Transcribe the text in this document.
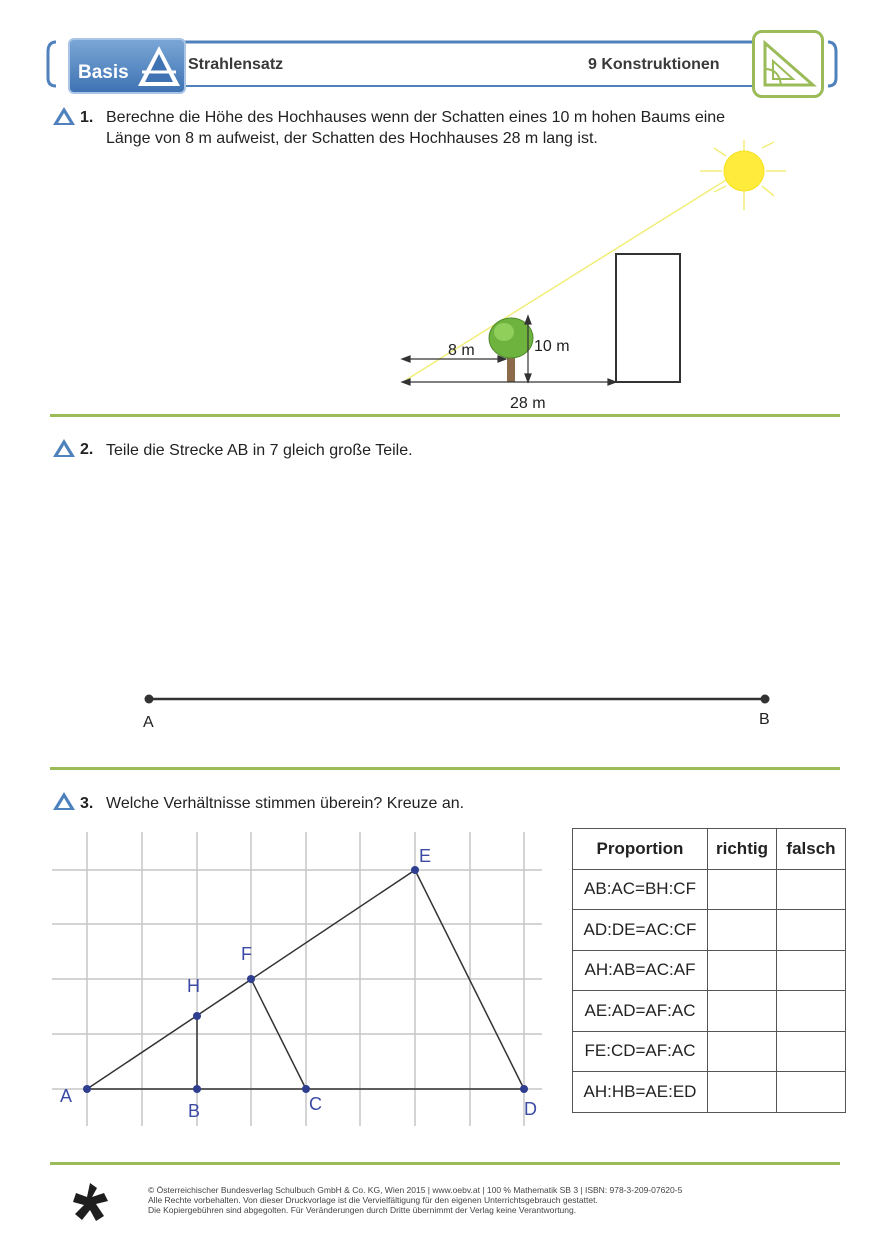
Basis	Strahlensatz	9 Konstruktionen
1. Berechne die Höhe des Hochhauses wenn der Schatten eines 10 m hohen Baums eine
Länge von 8 m aufweist, der Schatten des Hochhauses 28 m lang ist.
8 m	10 m
28 m
2. Teile die Strecke AB in 7 gleich große Teile.
A	B
3. Welche Verhältnisse stimmen überein? Kreuze an.
A
B	C	D
E
F
H
Proportion	richtig	falsch
AB:AC=BH:CF		
AD:DE=AC:CF		
AH:AB=AC:AF		
AE:AD=AF:AC		
FE:CD=AF:AC		
AH:HB=AE:ED		
© Österreichischer Bundesverlag Schulbuch GmbH & Co. KG, Wien 2015 | www.oebv.at | 100 % Mathematik SB 3 | ISBN: 978-3-209-07620-5
Alle Rechte vorbehalten. Von dieser Druckvorlage ist die Vervielfältigung für den eigenen Unterrichtsgebrauch gestattet.
Die Kopiergebühren sind abgegolten. Für Veränderungen durch Dritte übernimmt der Verlag keine Verantwortung.
